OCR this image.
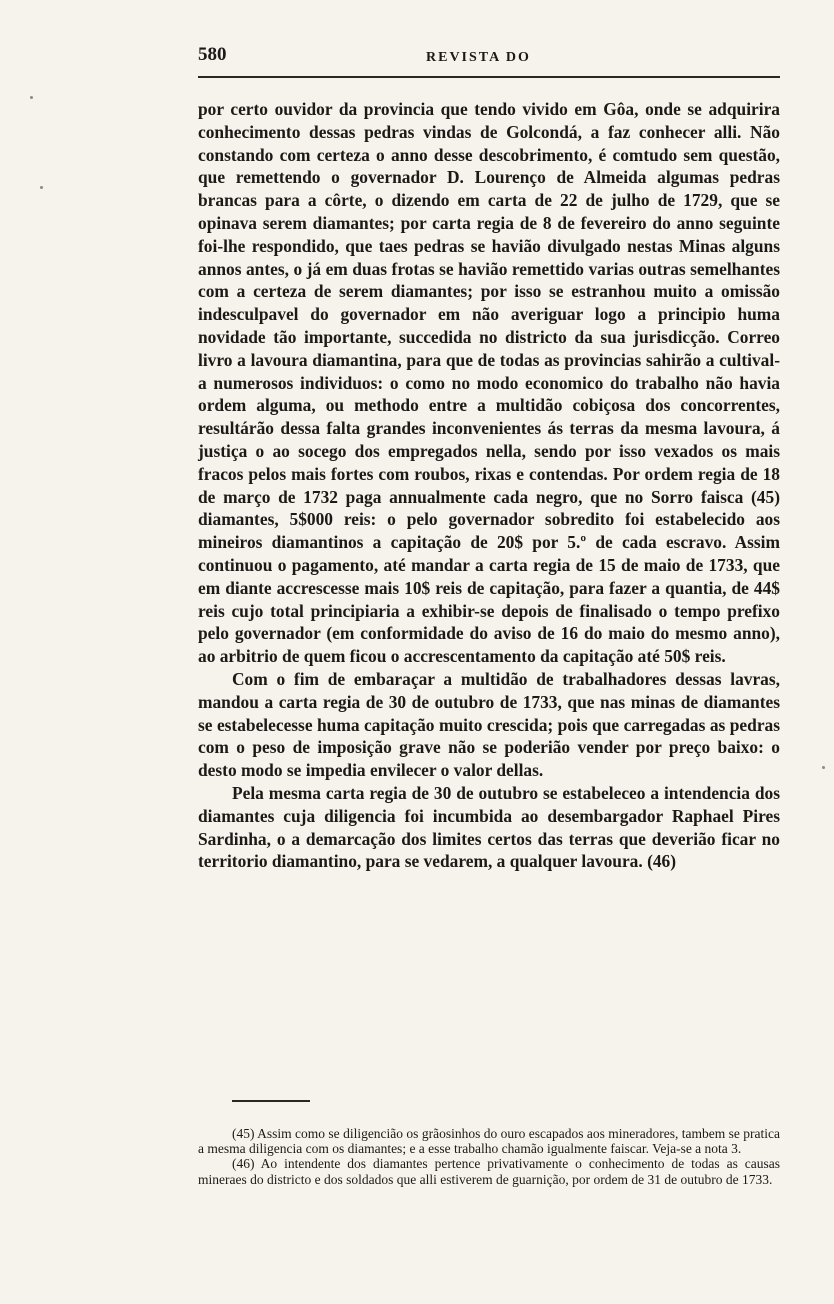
580	REVISTA DO

por certo ouvidor da provincia que tendo vivido em Gôa, onde se adquirira conhecimento dessas pedras vindas de Golcondá, a faz conhecer alli. Não constando com certeza o anno desse descobrimento, é comtudo sem questão, que remettendo o governador D. Lourenço de Almeida algumas pedras brancas para a côrte, o dizendo em carta de 22 de julho de 1729, que se opinava serem diamantes; por carta regia de 8 de fevereiro do anno seguinte foi-lhe respondido, que taes pedras se havião divulgado nestas Minas alguns annos antes, o já em duas frotas se havião remettido varias outras semelhantes com a certeza de serem diamantes; por isso se estranhou muito a omissão indesculpavel do governador em não averiguar logo a principio huma novidade tão importante, succedida no districto da sua jurisdicção. Correo livro a lavoura diamantina, para que de todas as provincias sahirão a cultival-a numerosos individuos: o como no modo economico do trabalho não havia ordem alguma, ou methodo entre a multidão cobiçosa dos concorrentes, resultárão dessa falta grandes inconvenientes ás terras da mesma lavoura, á justiça o ao socego dos empregados nella, sendo por isso vexados os mais fracos pelos mais fortes com roubos, rixas e contendas. Por ordem regia de 18 de março de 1732 paga annualmente cada negro, que no Sorro faisca (45) diamantes, 5$000 reis: o pelo governador sobredito foi estabelecido aos mineiros diamantinos a capitação de 20$ por 5.º de cada escravo. Assim continuou o pagamento, até mandar a carta regia de 15 de maio de 1733, que em diante accrescesse mais 10$ reis de capitação, para fazer a quantia, de 44$ reis cujo total principiaria a exhibir-se depois de finalisado o tempo prefixo pelo governador (em conformidade do aviso de 16 do maio do mesmo anno), ao arbitrio de quem ficou o accrescentamento da capitação até 50$ reis.

Com o fim de embaraçar a multidão de trabalhadores dessas lavras, mandou a carta regia de 30 de outubro de 1733, que nas minas de diamantes se estabelecesse huma capitação muito crescida; pois que carregadas as pedras com o peso de imposição grave não se poderião vender por preço baixo: o desto modo se impedia envilecer o valor dellas.

Pela mesma carta regia de 30 de outubro se estabeleceo a intendencia dos diamantes cuja diligencia foi incumbida ao desembargador Raphael Pires Sardinha, o a demarcação dos limites certos das terras que deverião ficar no territorio diamantino, para se vedarem, a qualquer lavoura. (46)

(45) Assim como se diligencião os grãosinhos do ouro escapados aos mineradores, tambem se pratica a mesma diligencia com os diamantes; e a esse trabalho chamão igualmente faiscar. Veja-se a nota 3.

(46) Ao intendente dos diamantes pertence privativamente o conhecimento de todas as causas mineraes do districto e dos soldados que alli estiverem de guarnição, por ordem de 31 de outubro de 1733.
